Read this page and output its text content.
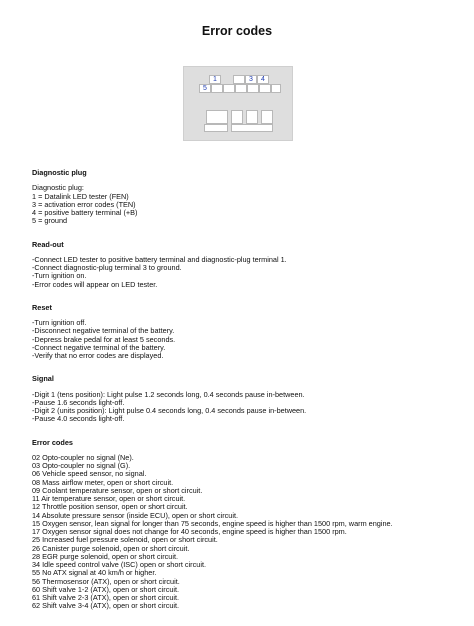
Error codes
1	3	4
5
Diagnostic plug
Diagnostic plug:
1 = Datalink LED tester (FEN)
3 = activation error codes (TEN)
4 = positive battery terminal (+B)
5 = ground
Read-out
-Connect LED tester to positive battery terminal and diagnostic-plug terminal 1.
-Connect diagnostic-plug terminal 3 to ground.
-Turn ignition on.
-Error codes will appear on LED tester.
Reset
-Turn ignition off.
-Disconnect negative terminal of the battery.
-Depress brake pedal for at least 5 seconds.
-Connect negative terminal of the battery.
-Verify that no error codes are displayed.
Signal
-Digit 1 (tens position): Light pulse 1.2 seconds long, 0.4 seconds pause in-between.
-Pause 1.6 seconds light-off.
-Digit 2 (units position): Light pulse 0.4 seconds long, 0.4 seconds pause in-between.
-Pause 4.0 seconds light-off.
Error codes
02 Opto-coupler no signal (Ne).
03 Opto-coupler no signal (G).
06 Vehicle speed sensor, no signal.
08 Mass airflow meter, open or short circuit.
09 Coolant temperature sensor, open or short circuit.
11 Air temperature sensor, open or short circuit.
12 Throttle position sensor, open or short circuit.
14 Absolute pressure sensor (inside ECU), open or short circuit.
15 Oxygen sensor, lean signal for longer than 75 seconds, engine speed is higher than 1500 rpm, warm engine.
17 Oxygen sensor signal does not change for 40 seconds, engine speed is higher than 1500 rpm.
25 Increased fuel pressure solenoid, open or short circuit.
26 Canister purge solenoid, open or short circuit.
28 EGR purge solenoid, open or short circuit.
34 Idle speed control valve (ISC) open or short circuit.
55 No ATX signal at 40 km/h or higher.
56 Thermosensor (ATX), open or short circuit.
60 Shift valve 1-2 (ATX), open or short circuit.
61 Shift valve 2-3 (ATX), open or short circuit.
62 Shift valve 3-4 (ATX), open or short circuit.
